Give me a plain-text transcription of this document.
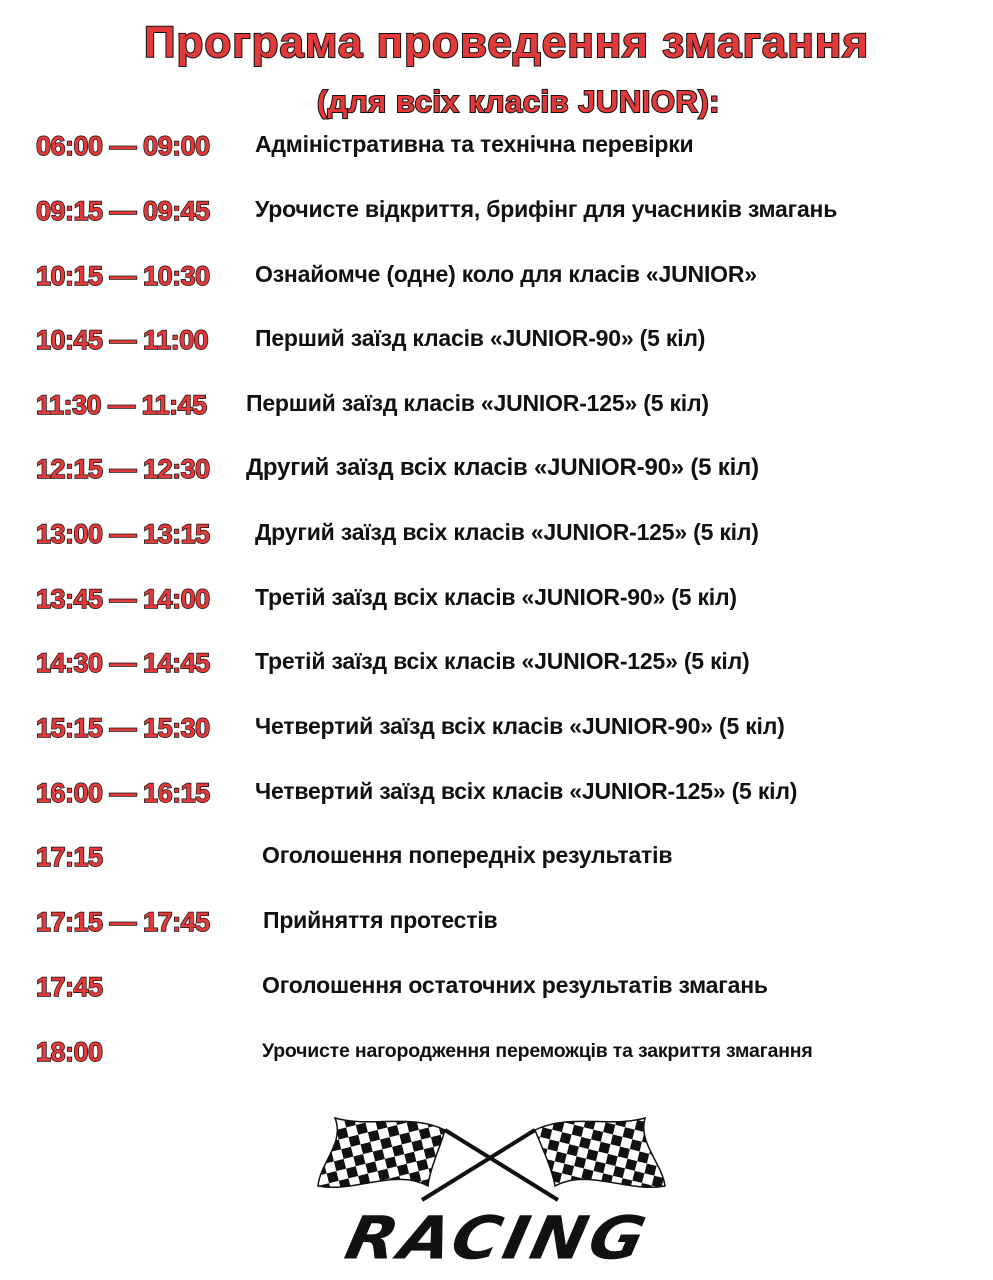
Програма проведення змагання
(для всіх класів JUNIOR):
06:00 — 09:00 Адміністративна та технічна перевірки
09:15 — 09:45 Урочисте відкриття, брифінг для учасників змагань
10:15 — 10:30 Ознайомче (одне) коло для класів «JUNIOR»
10:45 — 11:00 Перший заїзд класів «JUNIOR-90» (5 кіл)
11:30 — 11:45 Перший заїзд класів «JUNIOR-125» (5 кіл)
12:15 — 12:30 Другий заїзд всіх класів «JUNIOR-90» (5 кіл)
13:00 — 13:15 Другий заїзд всіх класів «JUNIOR-125» (5 кіл)
13:45 — 14:00 Третій заїзд всіх класів «JUNIOR-90» (5 кіл)
14:30 — 14:45 Третій заїзд всіх класів «JUNIOR-125» (5 кіл)
15:15 — 15:30 Четвертий заїзд всіх класів «JUNIOR-90» (5 кіл)
16:00 — 16:15 Четвертий заїзд всіх класів «JUNIOR-125» (5 кіл)
17:15	Оголошення попередніх результатів
17:15 — 17:45 Прийняття протестів
17:45	Оголошення остаточних результатів змагань
18:00	Урочисте нагородження переможців та закриття змагання
RACING
